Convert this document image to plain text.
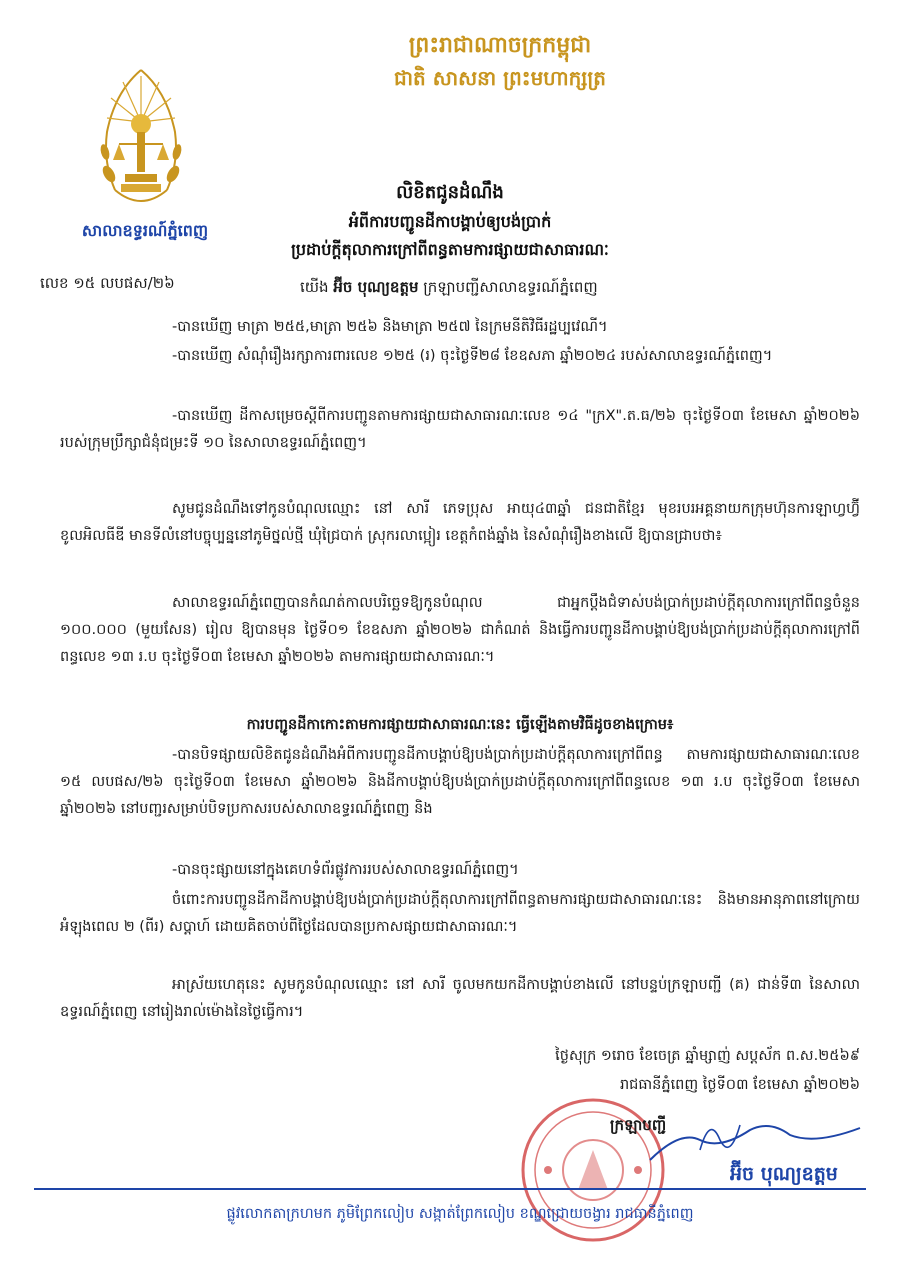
ព្រះរាជាណាចក្រកម្ពុជា
ជាតិ សាសនា ព្រះមហាក្សត្រ
សាលាឧទ្ធរណ៍ភ្នំពេញ
លិខិតជូនដំណឹង
អំពីការបញ្ជូនដីកាបង្គាប់ឲ្យបង់ប្រាក់
ប្រដាប់ក្តីតុលាការក្រៅពីពន្ធតាមការផ្សាយជាសាធារណៈ
លេខ ១៥ លបផស/២៦	យើង អ៊ីច បុណ្យឧត្តម ក្រឡាបញ្ជីសាលាឧទ្ធរណ៍ភ្នំពេញ
-បានឃើញ មាត្រា ២៥៥,មាត្រា ២៥៦ និងមាត្រា ២៥៧ នៃក្រមនីតិវិធីរដ្ឋប្បវេណី។
-បានឃើញ សំណុំរឿងរក្សាការពារលេខ ១២៥ (រ) ចុះថ្ងៃទី២៨ ខែឧសភា ឆ្នាំ២០២៤ របស់សាលាឧទ្ធរណ៍ភ្នំពេញ។
-បានឃើញ ដីកាសម្រេចស្តីពីការបញ្ជូនតាមការផ្សាយជាសាធារណៈលេខ ១៤ "ក្រX".ត.ធ/២៦ ចុះថ្ងៃទី០៣ ខែមេសា ឆ្នាំ២០២៦ របស់ក្រុមប្រឹក្សាជំនុំជម្រះទី ១០ នៃសាលាឧទ្ធរណ៍ភ្នំពេញ។
សូមជូនដំណឹងទៅកូនបំណុលឈ្មោះ នៅ សារី ភេទប្រុស អាយុ៤៣ឆ្នាំ ជនជាតិខ្មែរ មុខរបរអគ្គនាយកក្រុមហ៊ុនការឡាហ្វហ្វ៊ី ខូលអិលធីឌី មានទីលំនៅបច្ចុប្បន្ននៅភូមិថ្នល់ថ្មី ឃុំជ្រៃបាក់ ស្រុករលាប្អៀរ ខេត្តកំពង់ឆ្នាំង នៃសំណុំរឿងខាងលើ ឱ្យបានជ្រាបថា៖
សាលាឧទ្ធរណ៍ភ្នំពេញបានកំណត់កាលបរិច្ឆេទឱ្យកូនបំណុល ជាអ្នកប្តឹងជំទាស់បង់ប្រាក់ប្រដាប់ក្តីតុលាការក្រៅពីពន្ធចំនួន ១០០.០០០ (មួយសែន) រៀល ឱ្យបានមុន ថ្ងៃទី០១ ខែឧសភា ឆ្នាំ២០២៦ ជាកំណត់ និងធ្វើការបញ្ជូនដីកាបង្គាប់ឱ្យបង់ប្រាក់ប្រដាប់ក្តីតុលាការក្រៅពីពន្ធលេខ ១៣ រ.ប ចុះថ្ងៃទី០៣ ខែមេសា ឆ្នាំ២០២៦ តាមការផ្សាយជាសាធារណៈ។
ការបញ្ជូនដីកាកោះតាមការផ្សាយជាសាធារណៈនេះ ធ្វើឡើងតាមវិធីដូចខាងក្រោម៖
-បានបិទផ្សាយលិខិតជូនដំណឹងអំពីការបញ្ជូនដីកាបង្គាប់ឱ្យបង់ប្រាក់ប្រដាប់ក្តីតុលាការក្រៅពីពន្ធ តាមការផ្សាយជាសាធារណៈលេខ ១៥ លបផស/២៦ ចុះថ្ងៃទី០៣ ខែមេសា ឆ្នាំ២០២៦ និងដីកាបង្គាប់ឱ្យបង់ប្រាក់ប្រដាប់ក្តីតុលាការក្រៅពីពន្ធលេខ ១៣ រ.ប ចុះថ្ងៃទី០៣ ខែមេសា ឆ្នាំ២០២៦ នៅបញ្ជរសម្រាប់បិទប្រកាសរបស់សាលាឧទ្ធរណ៍ភ្នំពេញ និង
-បានចុះផ្សាយនៅក្នុងគេហទំព័រផ្លូវការរបស់សាលាឧទ្ធរណ៍ភ្នំពេញ។
ចំពោះការបញ្ជូនដីកាដីកាបង្គាប់ឱ្យបង់ប្រាក់ប្រដាប់ក្តីតុលាការក្រៅពីពន្ធតាមការផ្សាយជាសាធារណៈនេះ និងមានអានុភាពនៅក្រោយអំឡុងពេល ២ (ពីរ) សប្តាហ៍ ដោយគិតចាប់ពីថ្ងៃដែលបានប្រកាសផ្សាយជាសាធារណៈ។
អាស្រ័យហេតុនេះ សូមកូនបំណុលឈ្មោះ នៅ សារី ចូលមកយកដីកាបង្គាប់ខាងលើ នៅបន្ទប់ក្រឡាបញ្ជី (គ) ជាន់ទី៣ នៃសាលាឧទ្ធរណ៍ភ្នំពេញ នៅរៀងរាល់ម៉ោងនៃថ្ងៃធ្វើការ។
ថ្ងៃសុក្រ ១រោច ខែចេត្រ ឆ្នាំម្សាញ់ សប្តស័ក ព.ស.២៥៦៩
រាជធានីភ្នំពេញ ថ្ងៃទី០៣ ខែមេសា ឆ្នាំ២០២៦
ក្រឡាបញ្ជី
អ៊ីច បុណ្យឧត្តម
ផ្លូវលោកតាក្រហមក ភូមិព្រែកលៀប សង្កាត់ព្រែកលៀប ខណ្ឌជ្រោយចង្វារ រាជធានីភ្នំពេញ
